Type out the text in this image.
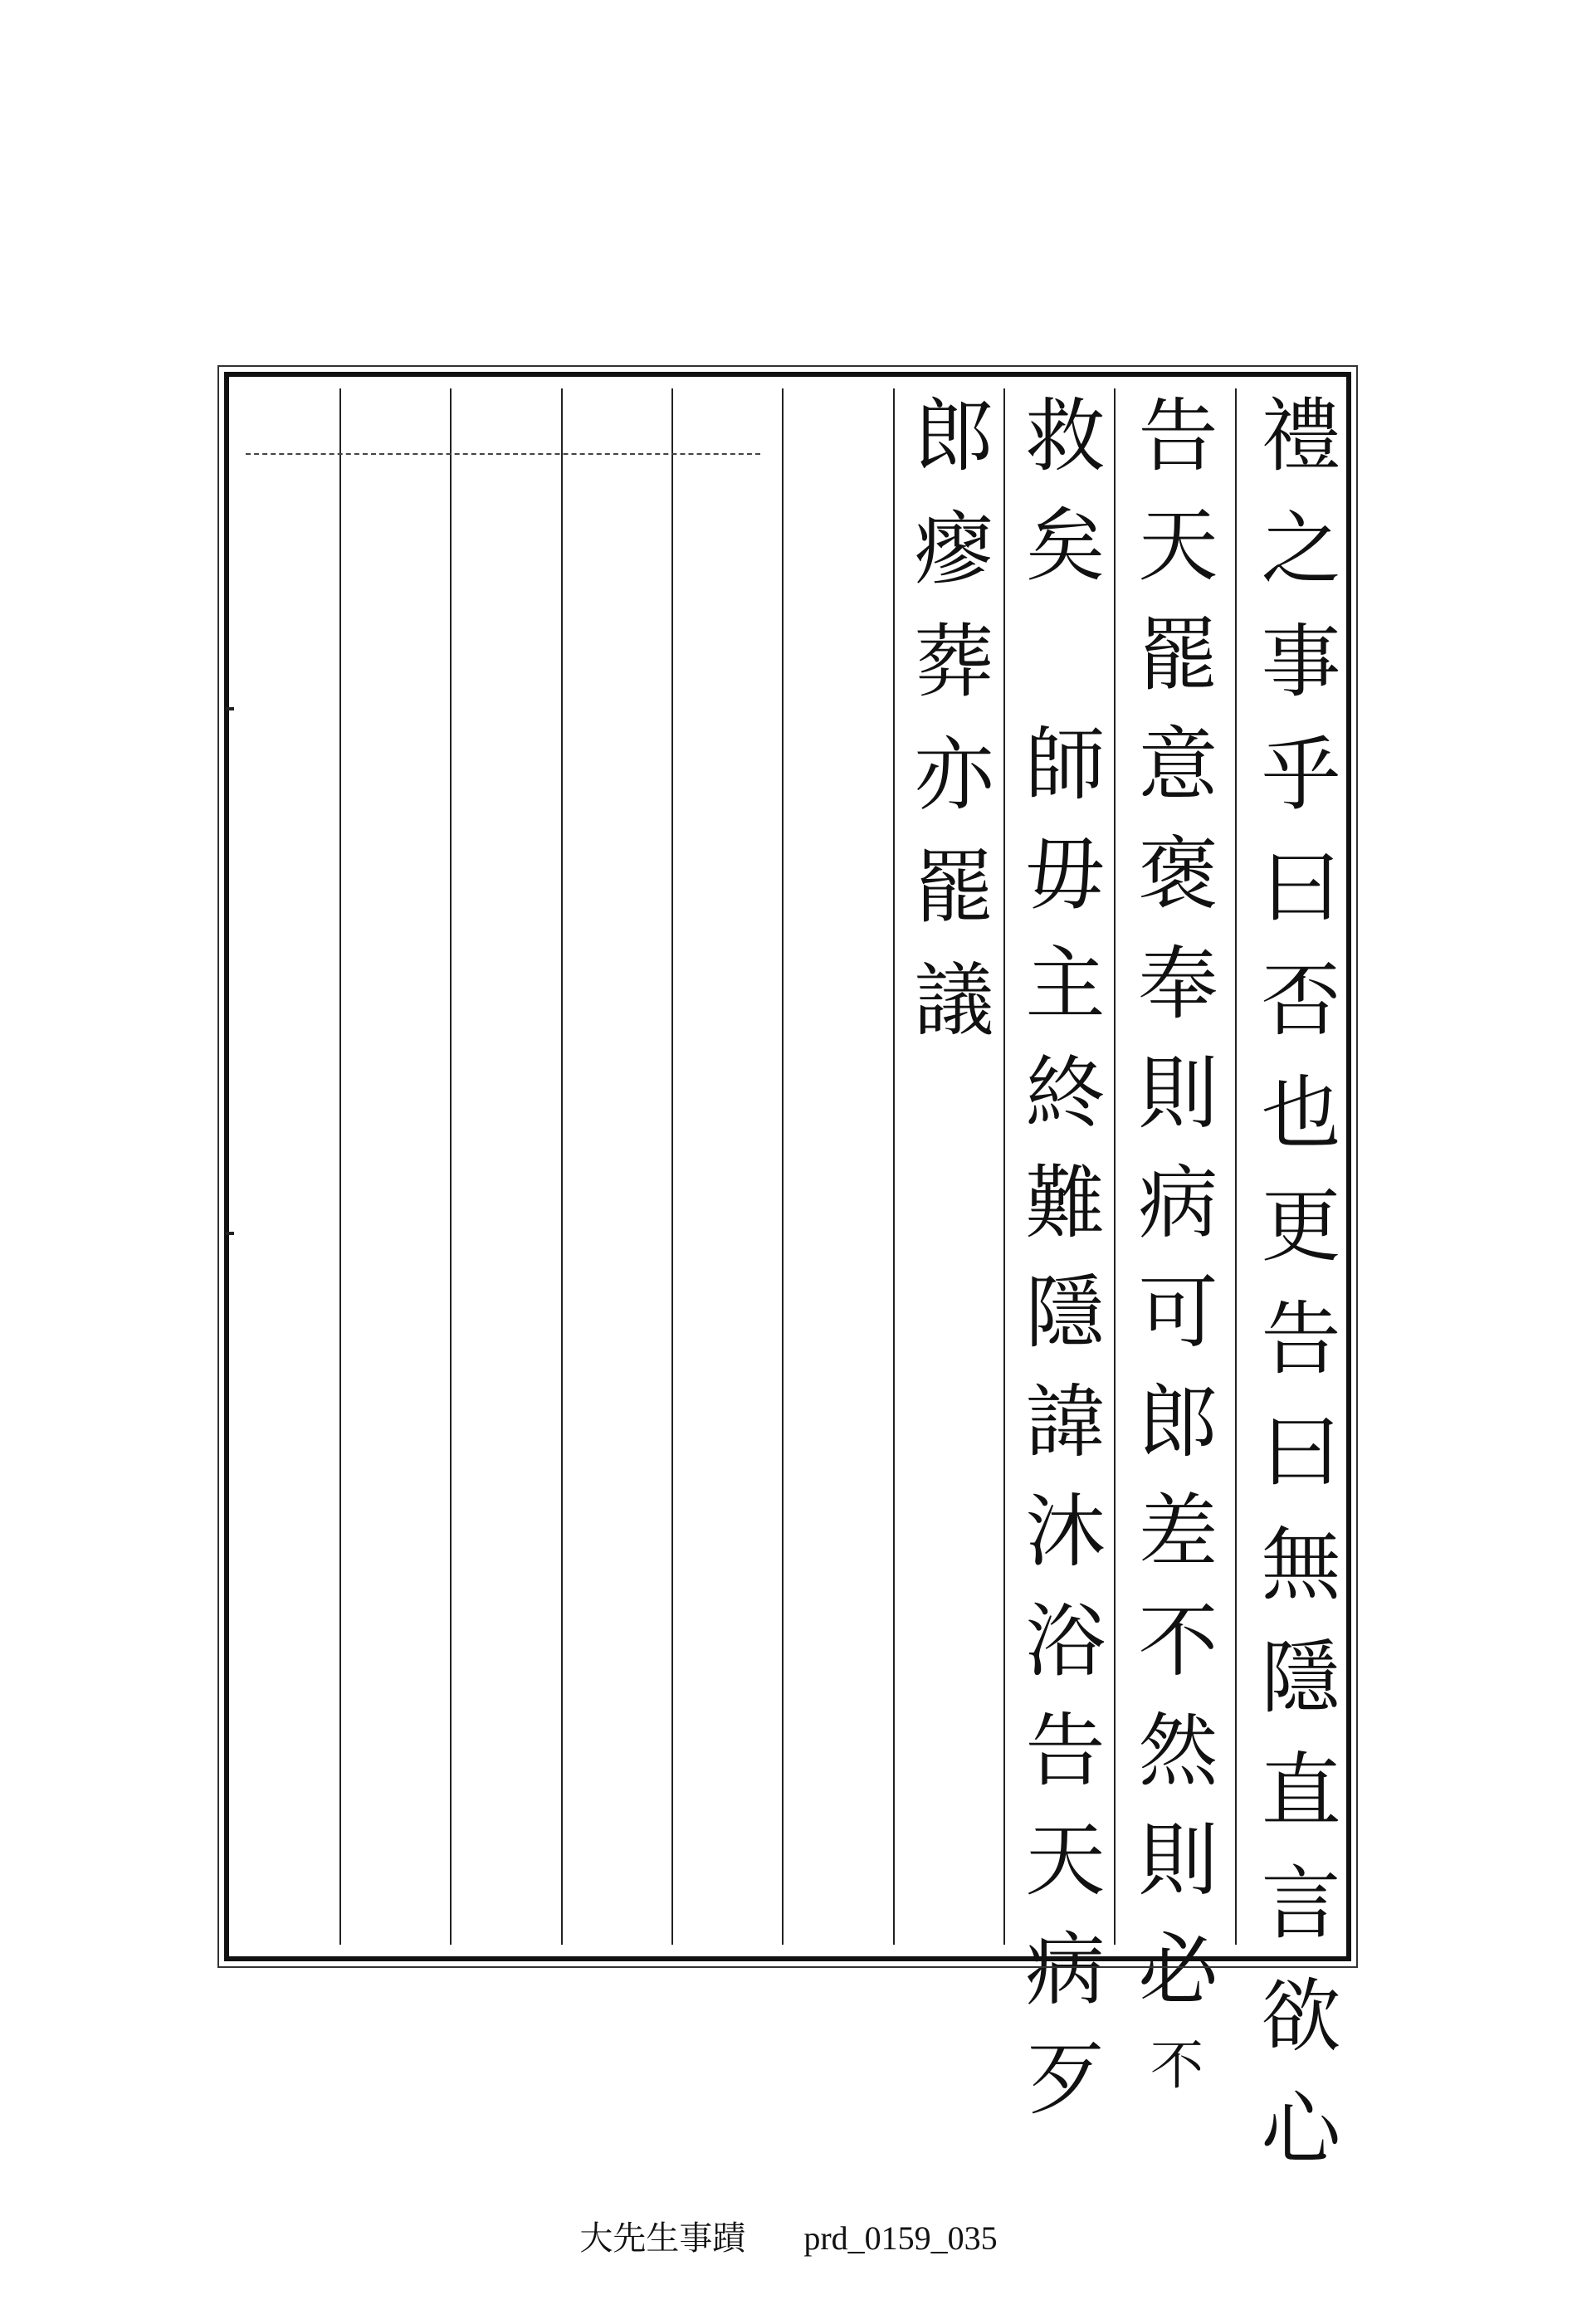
禮之事乎曰否也更告曰無隱直言欲心
告天罷意褒奉則病可郎差不然則必不
救矣　師毋主終難隱諱沐浴告天病歹
郎瘳葬亦罷議
大先生事蹟 prd_0159_035
